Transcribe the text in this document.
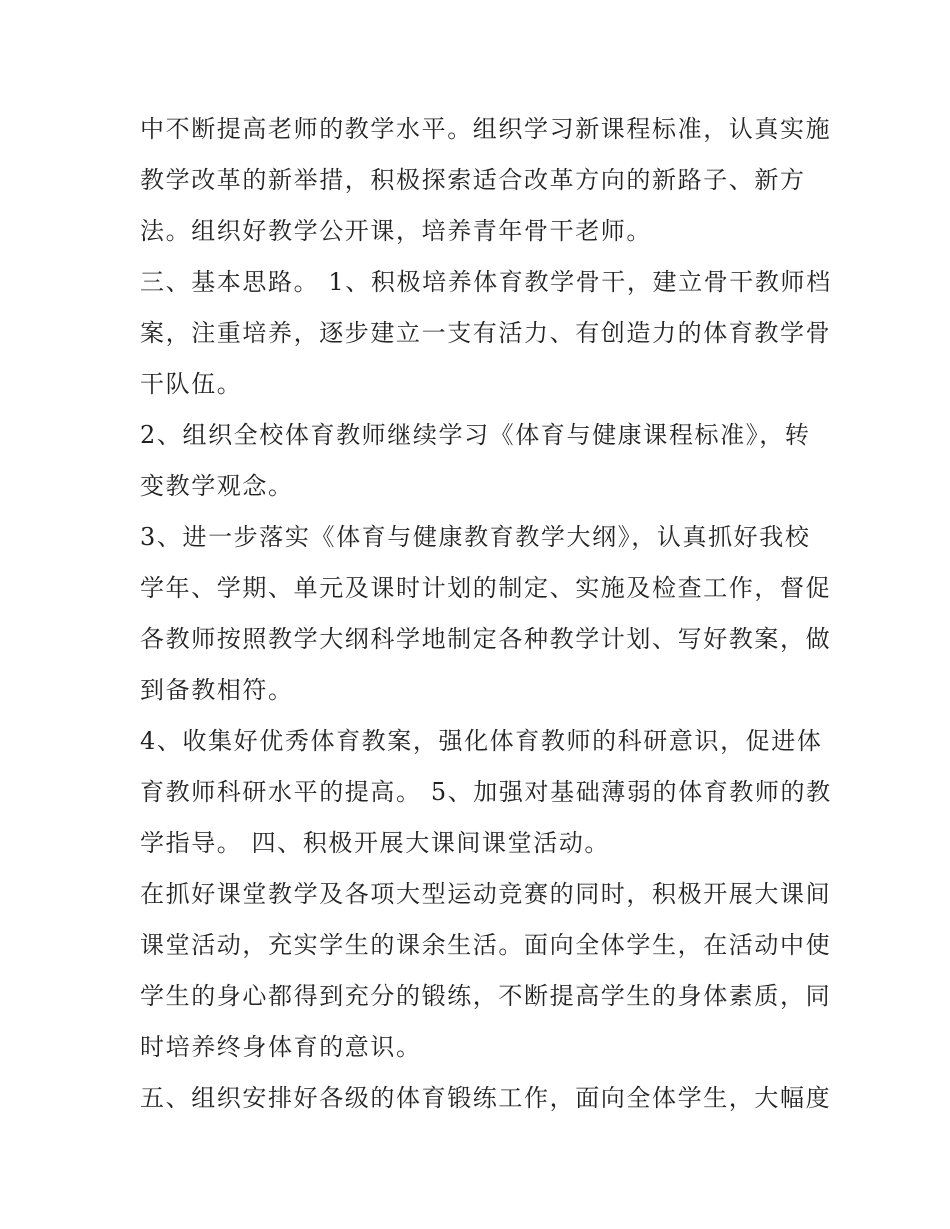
中不断提高老师的教学水平。组织学习新课程标准，认真实施
教学改革的新举措，积极探索适合改革方向的新路子、新方
法。组织好教学公开课，培养青年骨干老师。
三、基本思路。 1、积极培养体育教学骨干，建立骨干教师档
案，注重培养，逐步建立一支有活力、有创造力的体育教学骨
干队伍。
2、组织全校体育教师继续学习《体育与健康课程标准》，转
变教学观念。
3、进一步落实《体育与健康教育教学大纲》，认真抓好我校
学年、学期、单元及课时计划的制定、实施及检查工作，督促
各教师按照教学大纲科学地制定各种教学计划、写好教案，做
到备教相符。
4、收集好优秀体育教案，强化体育教师的科研意识，促进体
育教师科研水平的提高。 5、加强对基础薄弱的体育教师的教
学指导。 四、积极开展大课间课堂活动。
在抓好课堂教学及各项大型运动竞赛的同时，积极开展大课间
课堂活动，充实学生的课余生活。面向全体学生，在活动中使
学生的身心都得到充分的锻练，不断提高学生的身体素质，同
时培养终身体育的意识。
五、组织安排好各级的体育锻练工作，面向全体学生，大幅度
